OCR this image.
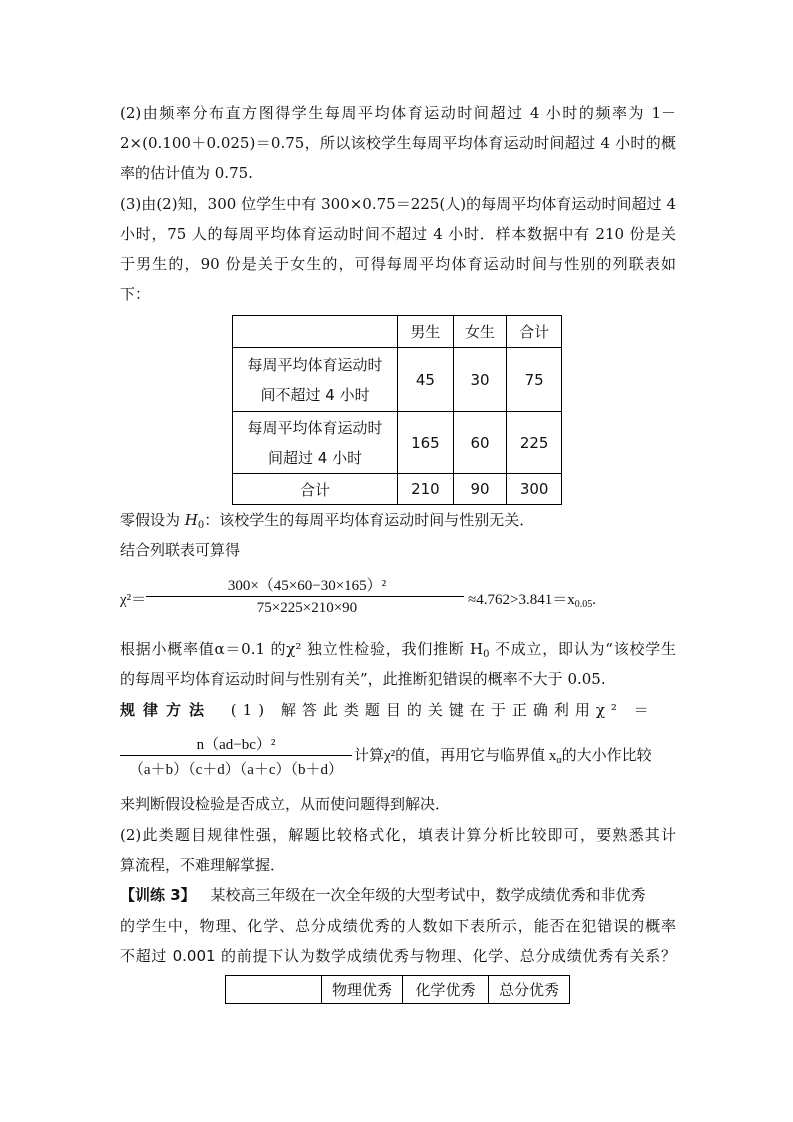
(2)由频率分布直方图得学生每周平均体育运动时间超过 4 小时的频率为 1－
2×(0.100＋0.025)＝0.75，所以该校学生每周平均体育运动时间超过 4 小时的概
率的估计值为 0.75.
(3)由(2)知，300 位学生中有 300×0.75＝225(人)的每周平均体育运动时间超过 4
小时，75 人的每周平均体育运动时间不超过 4 小时．样本数据中有 210 份是关
于男生的，90 份是关于女生的，可得每周平均体育运动时间与性别的列联表如
下：
	男生	女生	合计

每周平均体育运动时
间不超过 4 小时	45	30	75

每周平均体育运动时
间超过 4 小时	165	60	225
合计	210	90	300
零假设为 $H_0$：该校学生的每周平均体育运动时间与性别无关．
结合列联表可算得
χ²＝
300×（45×60−30×165）²
75×225×210×90	$\approx 4.762>3.841=x_{0.05}$.
根据小概率值α＝0.1 的χ² 独立性检验，我们推断 $H_0$ 不成立，即认为“该校学生
的每周平均体育运动时间与性别有关”，此推断犯错误的概率不大于 0.05.
规律方法 (1) 解答此类题目的关键在于正确利用χ² ＝
n（ad−bc）²
（a＋b）（c＋d）（a＋c）（b＋d）
计算χ²的值，再用它与临界值 $x_\alpha$的大小作比较
来判断假设检验是否成立，从而使问题得到解决．
(2)此类题目规律性强，解题比较格式化，填表计算分析比较即可，要熟悉其计
算流程，不难理解掌握．
【训练 3】 某校高三年级在一次全年级的大型考试中，数学成绩优秀和非优秀
的学生中，物理、化学、总分成绩优秀的人数如下表所示，能否在犯错误的概率
不超过 0.001 的前提下认为数学成绩优秀与物理、化学、总分成绩优秀有关系？
	物理优秀	化学优秀	总分优秀
